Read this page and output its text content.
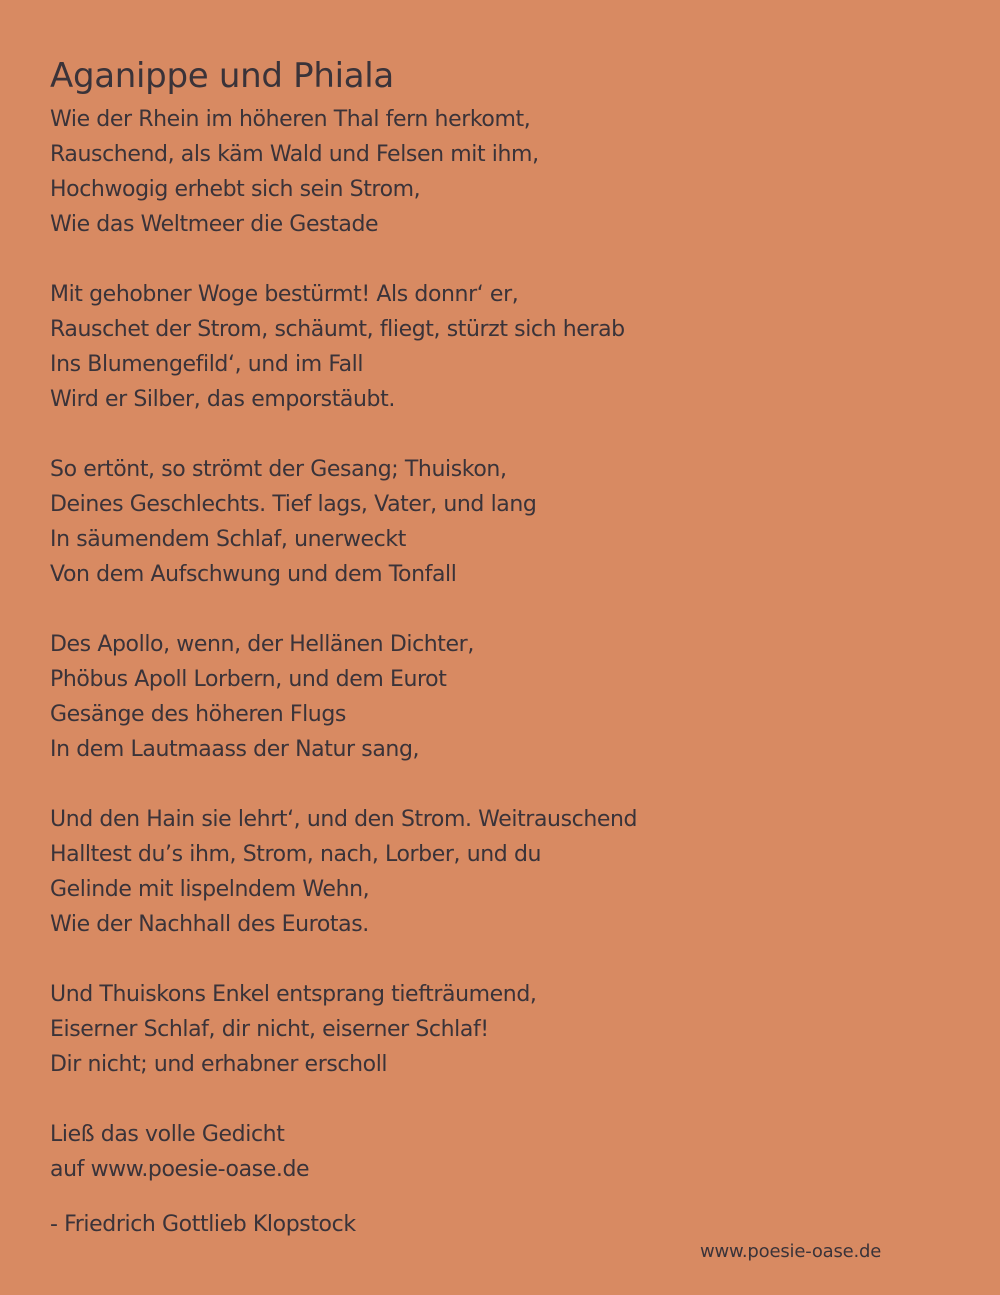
Aganippe und Phiala
Wie der Rhein im höheren Thal fern herkomt,
Rauschend, als käm Wald und Felsen mit ihm,
Hochwogig erhebt sich sein Strom,
Wie das Weltmeer die Gestade
Mit gehobner Woge bestürmt! Als donnr‘ er,
Rauschet der Strom, schäumt, fliegt, stürzt sich herab
Ins Blumengefild‘, und im Fall
Wird er Silber, das emporstäubt.
So ertönt, so strömt der Gesang; Thuiskon,
Deines Geschlechts. Tief lags, Vater, und lang
In säumendem Schlaf, unerweckt
Von dem Aufschwung und dem Tonfall
Des Apollo, wenn, der Hellänen Dichter,
Phöbus Apoll Lorbern, und dem Eurot
Gesänge des höheren Flugs
In dem Lautmaass der Natur sang,
Und den Hain sie lehrt‘, und den Strom. Weitrauschend
Halltest du’s ihm, Strom, nach, Lorber, und du
Gelinde mit lispelndem Wehn,
Wie der Nachhall des Eurotas.
Und Thuiskons Enkel entsprang tiefträumend,
Eiserner Schlaf, dir nicht, eiserner Schlaf!
Dir nicht; und erhabner erscholl
Ließ das volle Gedicht
auf www.poesie-oase.de
- Friedrich Gottlieb Klopstock
www.poesie-oase.de
